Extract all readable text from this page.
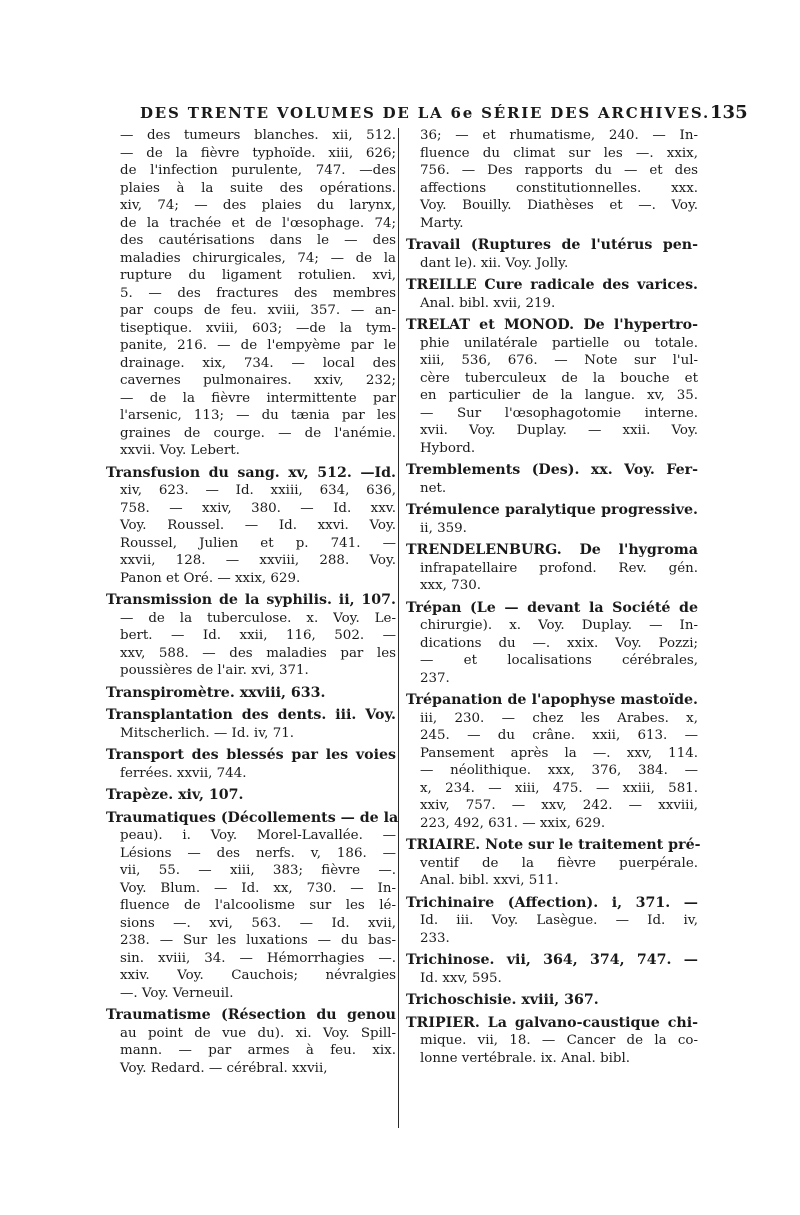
DES TRENTE VOLUMES DE LA 6e SÉRIE DES ARCHIVES. 135
— des tumeurs blanches. xii, 512.
— de la fièvre typhoïde. xiii, 626;
de l'infection purulente, 747. —des
plaies à la suite des opérations.
xiv, 74; — des plaies du larynx,
de la trachée et de l'œsophage. 74;
des cautérisations dans le — des
maladies chirurgicales, 74; — de la
rupture du ligament rotulien. xvi,
5. — des fractures des membres
par coups de feu. xviii, 357. — an-
tiseptique. xviii, 603; —de la tym-
panite, 216. — de l'empyème par le
drainage. xix, 734. — local des
cavernes pulmonaires. xxiv, 232;
— de la fièvre intermittente par
l'arsenic, 113; — du tænia par les
graines de courge. — de l'anémie.
xxvii. Voy. Lebert.
Transfusion du sang. xv, 512. —Id.
xiv, 623. — Id. xxiii, 634, 636,
758. — xxiv, 380. — Id. xxv.
Voy. Roussel. — Id. xxvi. Voy.
Roussel, Julien et p. 741. —
xxvii, 128. — xxviii, 288. Voy.
Panon et Oré. — xxix, 629.
Transmission de la syphilis. ii, 107.
— de la tuberculose. x. Voy. Le-
bert. — Id. xxii, 116, 502. —
xxv, 588. — des maladies par les
poussières de l'air. xvi, 371.
Transpiromètre. xxviii, 633.
Transplantation des dents. iii. Voy.
Mitscherlich. — Id. iv, 71.
Transport des blessés par les voies
ferrées. xxvii, 744.
Trapèze. xiv, 107.
Traumatiques (Décollements — de la
peau). i. Voy. Morel-Lavallée. —
Lésions — des nerfs. v, 186. —
vii, 55. — xiii, 383; fièvre —.
Voy. Blum. — Id. xx, 730. — In-
fluence de l'alcoolisme sur les lé-
sions —. xvi, 563. — Id. xvii,
238. — Sur les luxations — du bas-
sin. xviii, 34. — Hémorrhagies —.
xxiv. Voy. Cauchois; névralgies
—. Voy. Verneuil.
Traumatisme (Résection du genou
au point de vue du). xi. Voy. Spill-
mann. — par armes à feu. xix.
Voy. Redard. — cérébral. xxvii,
36; — et rhumatisme, 240. — In-
fluence du climat sur les —. xxix,
756. — Des rapports du — et des
affections constitutionnelles. xxx.
Voy. Bouilly. Diathèses et —. Voy.
Marty.
Travail (Ruptures de l'utérus pen-
dant le). xii. Voy. Jolly.
TREILLE Cure radicale des varices.
Anal. bibl. xvii, 219.
TRELAT et MONOD. De l'hypertro-
phie unilatérale partielle ou totale.
xiii, 536, 676. — Note sur l'ul-
cère tuberculeux de la bouche et
en particulier de la langue. xv, 35.
— Sur l'œsophagotomie interne.
xvii. Voy. Duplay. — xxii. Voy.
Hybord.
Tremblements (Des). xx. Voy. Fer-
net.
Trémulence paralytique progressive.
ii, 359.
TRENDELENBURG. De l'hygroma
infrapatellaire profond. Rev. gén.
xxx, 730.
Trépan (Le — devant la Société de
chirurgie). x. Voy. Duplay. — In-
dications du —. xxix. Voy. Pozzi;
— et localisations cérébrales,
237.
Trépanation de l'apophyse mastoïde.
iii, 230. — chez les Arabes. x,
245. — du crâne. xxii, 613. —
Pansement après la —. xxv, 114.
— néolithique. xxx, 376, 384. —
x, 234. — xiii, 475. — xxiii, 581.
xxiv, 757. — xxv, 242. — xxviii,
223, 492, 631. — xxix, 629.
TRIAIRE. Note sur le traitement pré-
ventif de la fièvre puerpérale.
Anal. bibl. xxvi, 511.
Trichinaire (Affection). i, 371. —
Id. iii. Voy. Lasègue. — Id. iv,
233.
Trichinose. vii, 364, 374, 747. —
Id. xxv, 595.
Trichoschisie. xviii, 367.
TRIPIER. La galvano-caustique chi-
mique. vii, 18. — Cancer de la co-
lonne vertébrale. ix. Anal. bibl.
